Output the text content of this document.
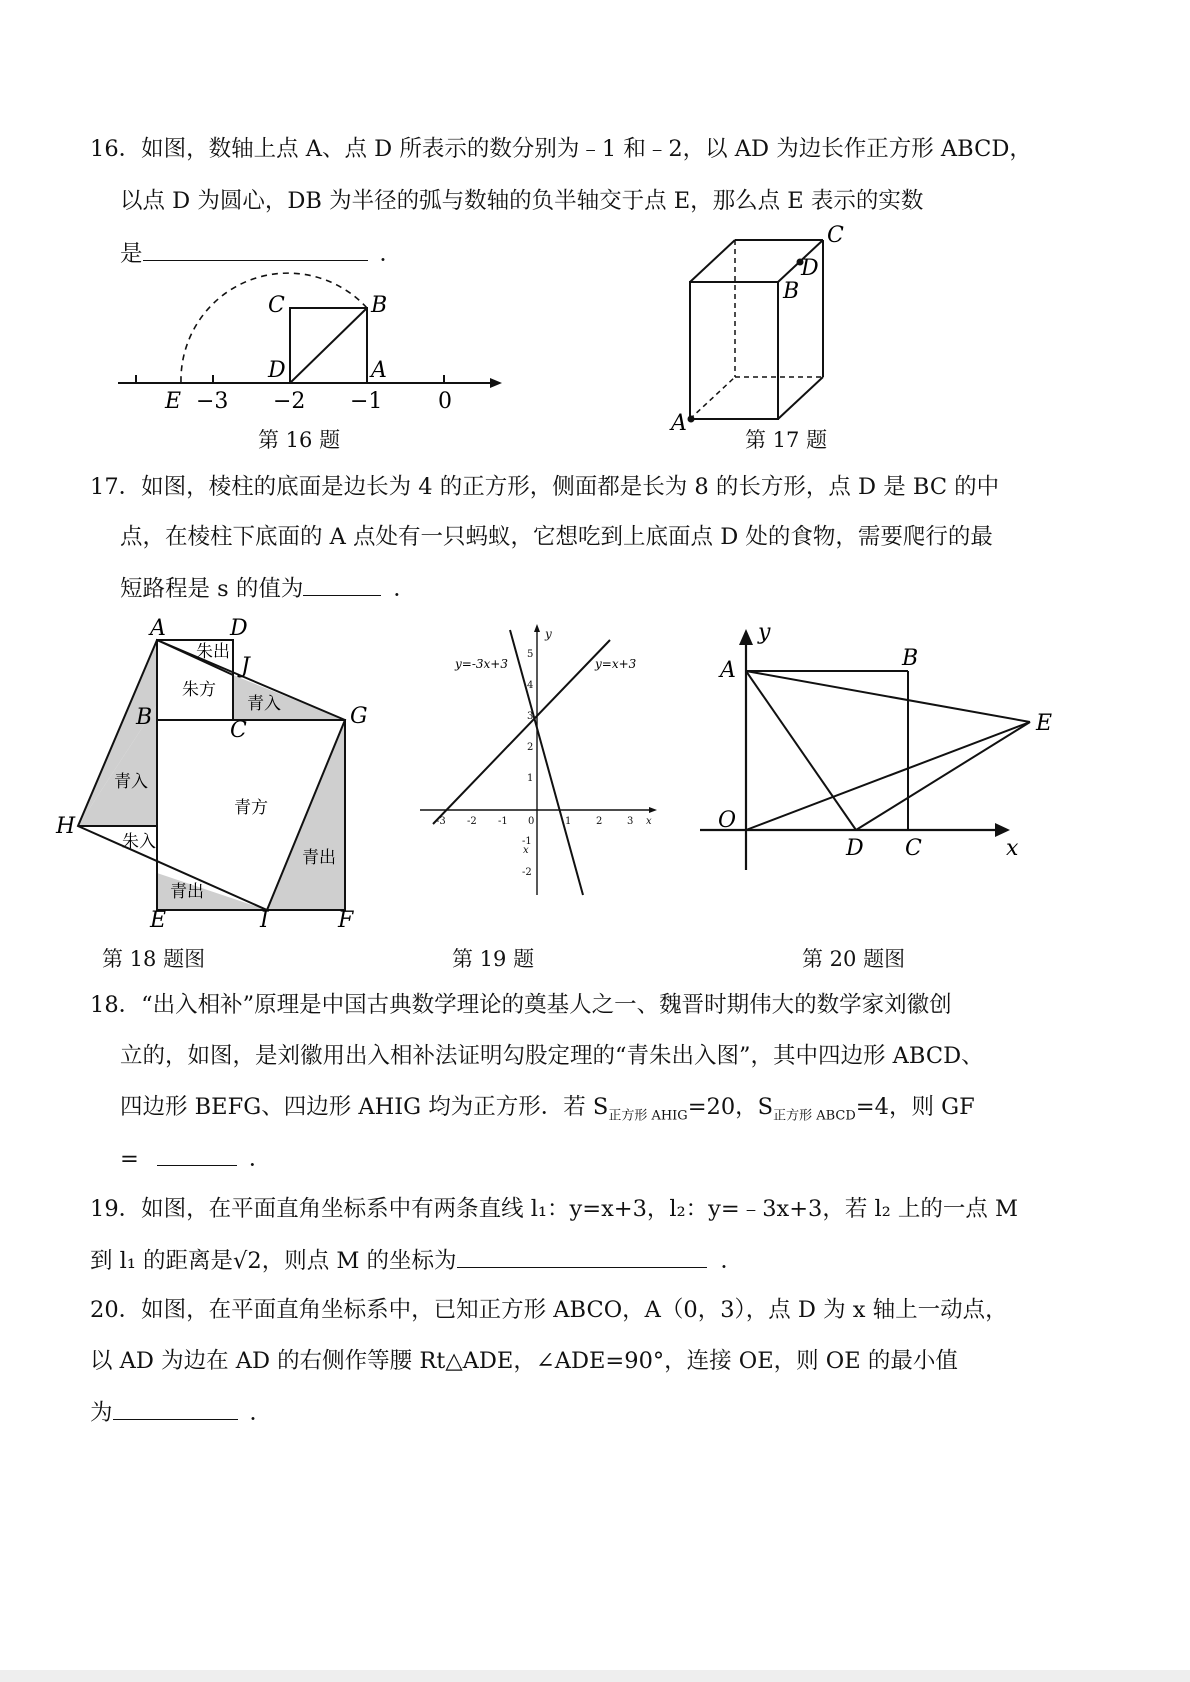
16．如图，数轴上点 A、点 D 所表示的数分别为﹣1 和﹣2，以 AD 为边长作正方形 ABCD，
以点 D 为圆心，DB 为半径的弧与数轴的负半轴交于点 E，那么点 E 表示的实数
是	．
E
C	B
D	A
−3 −2 −1	0
第 16 题
A
B
C
D
第 17 题
17．如图，棱柱的底面是边长为 4 的正方形，侧面都是长为 8 的长方形，点 D 是 BC 的中
点，在棱柱下底面的 A 点处有一只蚂蚁，它想吃到上底面点 D 处的食物，需要爬行的最
短路程是 s 的值为	．
A	D
J
B
C
G
H
E	I	F
朱出
朱方
青入
青入
青方
朱入
青出
青出
第 18 题图
-3 -2 -1 0	1 2 3 x
5
4
3
2
1
-1
-2
x
y
y=-3x+3	y=x+3
第 19 题
y
A	B
E
O
D C	x
第 20 题图
18．“出入相补”原理是中国古典数学理论的奠基人之一、魏晋时期伟大的数学家刘徽创
立的，如图，是刘徽用出入相补法证明勾股定理的“青朱出入图”，其中四边形 ABCD、
四边形 BEFG、四边形 AHIG 均为正方形．若 $S_{正方形 AHIG}=20$，$S_{正方形 ABCD}=4$，则 GF
=	．
19．如图，在平面直角坐标系中有两条直线 l₁：y=x+3，l₂：y=﹣3x+3，若 l₂ 上的一点 M
到 l₁ 的距离是√2，则点 M 的坐标为	．
20．如图，在平面直角坐标系中，已知正方形 ABCO，A（0，3），点 D 为 x 轴上一动点，
以 AD 为边在 AD 的右侧作等腰 Rt△ADE，∠ADE=90°，连接 OE，则 OE 的最小值
为	．
